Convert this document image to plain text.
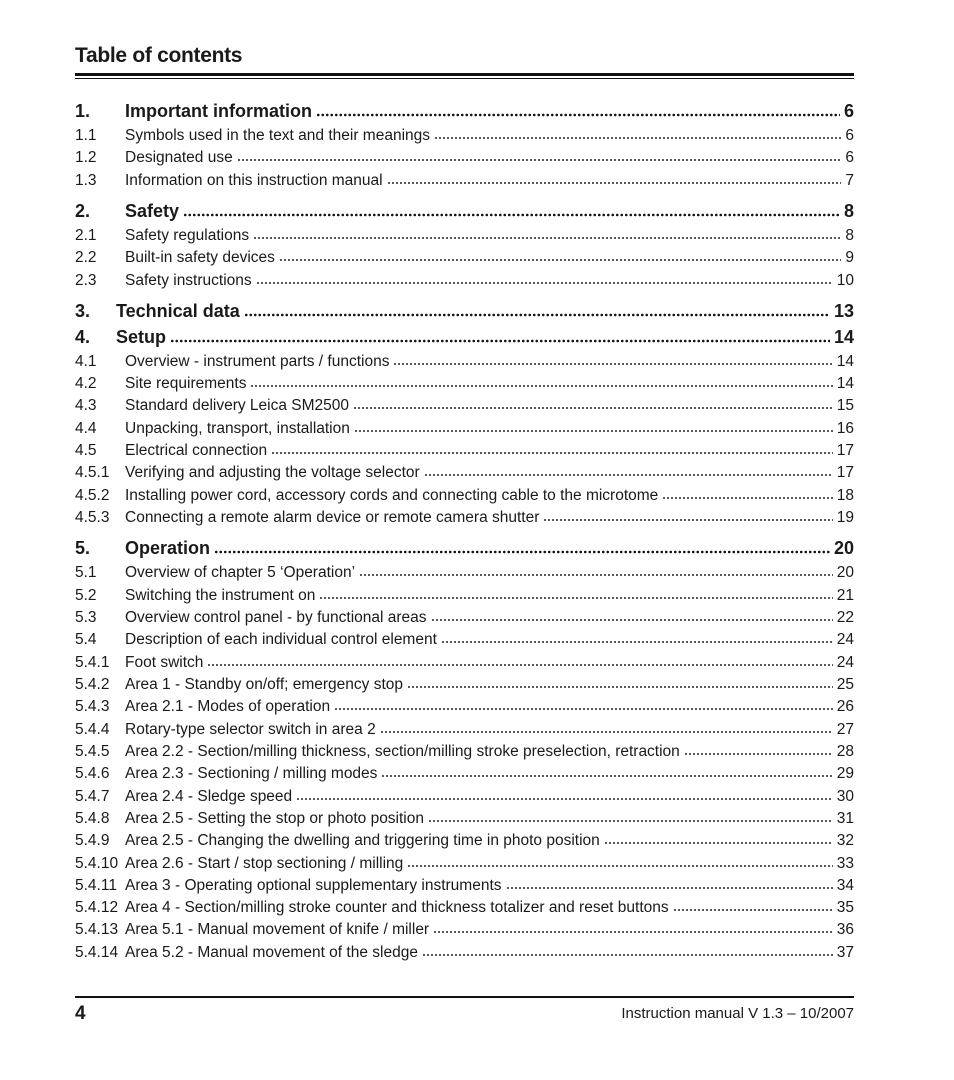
Table of contents
1.	Important information	6
1.1	Symbols used in the text and their meanings	6
1.2	Designated use	6
1.3	Information on this instruction manual	7
2.	Safety	8
2.1	Safety regulations	8
2.2	Built-in safety devices	9
2.3	Safety instructions	10
3.	Technical data	13
4.	Setup	14
4.1	Overview - instrument parts / functions	14
4.2	Site requirements	14
4.3	Standard delivery Leica SM2500	15
4.4	Unpacking, transport, installation	16
4.5	Electrical connection	17
4.5.1	Verifying and adjusting the voltage selector	17
4.5.2	Installing power cord, accessory cords and connecting cable to the microtome	18
4.5.3	Connecting a remote alarm device or remote camera shutter	19
5.	Operation	20
5.1	Overview of chapter 5 ‘Operation’	20
5.2	Switching the instrument on	21
5.3	Overview control panel - by functional areas	22
5.4	Description of each individual control element	24
5.4.1	Foot switch	24
5.4.2	Area 1 - Standby on/off; emergency stop	25
5.4.3	Area 2.1 - Modes of operation	26
5.4.4	Rotary-type selector switch in area 2	27
5.4.5	Area 2.2 - Section/milling thickness, section/milling stroke preselection, retraction	28
5.4.6	Area 2.3 - Sectioning / milling modes	29
5.4.7	Area 2.4 - Sledge speed	30
5.4.8	Area 2.5 - Setting the stop or photo position	31
5.4.9	Area 2.5 - Changing the dwelling and triggering time in photo position	32
5.4.10 Area 2.6 - Start / stop sectioning / milling	33
5.4.11 Area 3 - Operating optional supplementary instruments	34
5.4.12 Area 4 - Section/milling stroke counter and thickness totalizer and reset buttons	35
5.4.13 Area 5.1 - Manual movement of knife / miller	36
5.4.14 Area 5.2 - Manual movement of the sledge	37
4	Instruction manual V 1.3 – 10/2007
